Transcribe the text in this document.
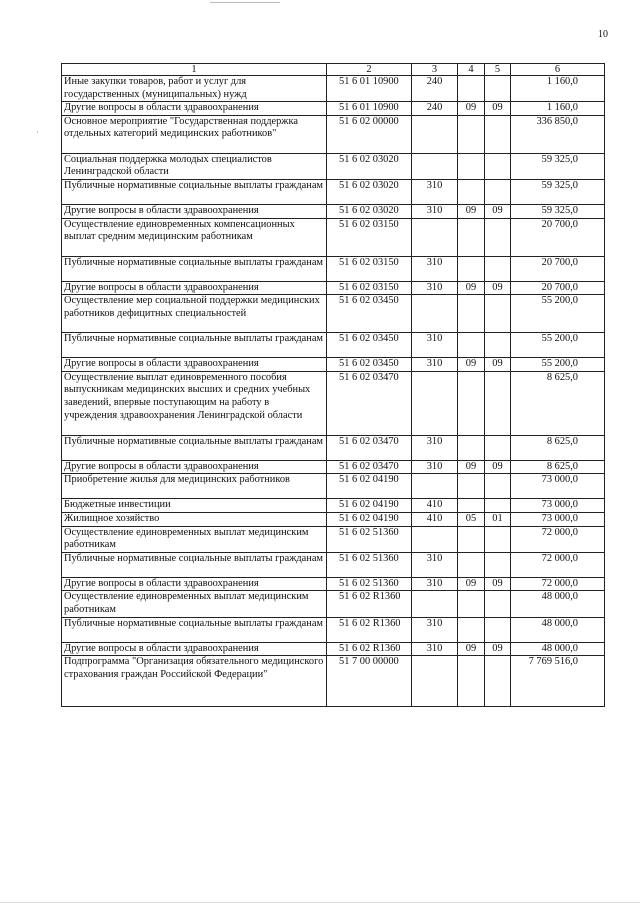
·
10
1	2	3	4	5	6
Иные закупки товаров, работ и услуг для государственных (муниципальных) нужд	51 6 01 10900	240			1 160,0
Другие вопросы в области здравоохранения	51 6 01 10900	240	09	09	1 160,0
Основное мероприятие "Государственная поддержка отдельных категорий медицинских работников"	51 6 02 00000				336 850,0
Социальная поддержка молодых специалистов Ленинградской области	51 6 02 03020				59 325,0
Публичные нормативные социальные выплаты гражданам	51 6 02 03020	310			59 325,0
Другие вопросы в области здравоохранения	51 6 02 03020	310	09	09	59 325,0
Осуществление единовременных компенсационных выплат средним медицинским работникам	51 6 02 03150				20 700,0
Публичные нормативные социальные выплаты гражданам	51 6 02 03150	310			20 700,0
Другие вопросы в области здравоохранения	51 6 02 03150	310	09	09	20 700,0
Осуществление мер социальной поддержки медицинских работников дефицитных специальностей	51 6 02 03450				55 200,0
Публичные нормативные социальные выплаты гражданам	51 6 02 03450	310			55 200,0
Другие вопросы в области здравоохранения	51 6 02 03450	310	09	09	55 200,0
Осуществление выплат единовременного пособия выпускникам медицинских высших и средних учебных заведений, впервые поступающим на работу в учреждения здравоохранения Ленинградской области	51 6 02 03470				8 625,0
Публичные нормативные социальные выплаты гражданам	51 6 02 03470	310			8 625,0
Другие вопросы в области здравоохранения	51 6 02 03470	310	09	09	8 625,0
Приобретение жилья для медицинских работников	51 6 02 04190				73 000,0
Бюджетные инвестиции	51 6 02 04190	410			73 000,0
Жилищное хозяйство	51 6 02 04190	410	05	01	73 000,0
Осуществление единовременных выплат медицинским работникам	51 6 02 51360				72 000,0
Публичные нормативные социальные выплаты гражданам	51 6 02 51360	310			72 000,0
Другие вопросы в области здравоохранения	51 6 02 51360	310	09	09	72 000,0
Осуществление единовременных выплат медицинским работникам	51 6 02 R1360				48 000,0
Публичные нормативные социальные выплаты гражданам	51 6 02 R1360	310			48 000,0
Другие вопросы в области здравоохранения	51 6 02 R1360	310	09	09	48 000,0
Подпрограмма "Организация обязательного медицинского страхования граждан Российской Федерации"	51 7 00 00000				7 769 516,0
